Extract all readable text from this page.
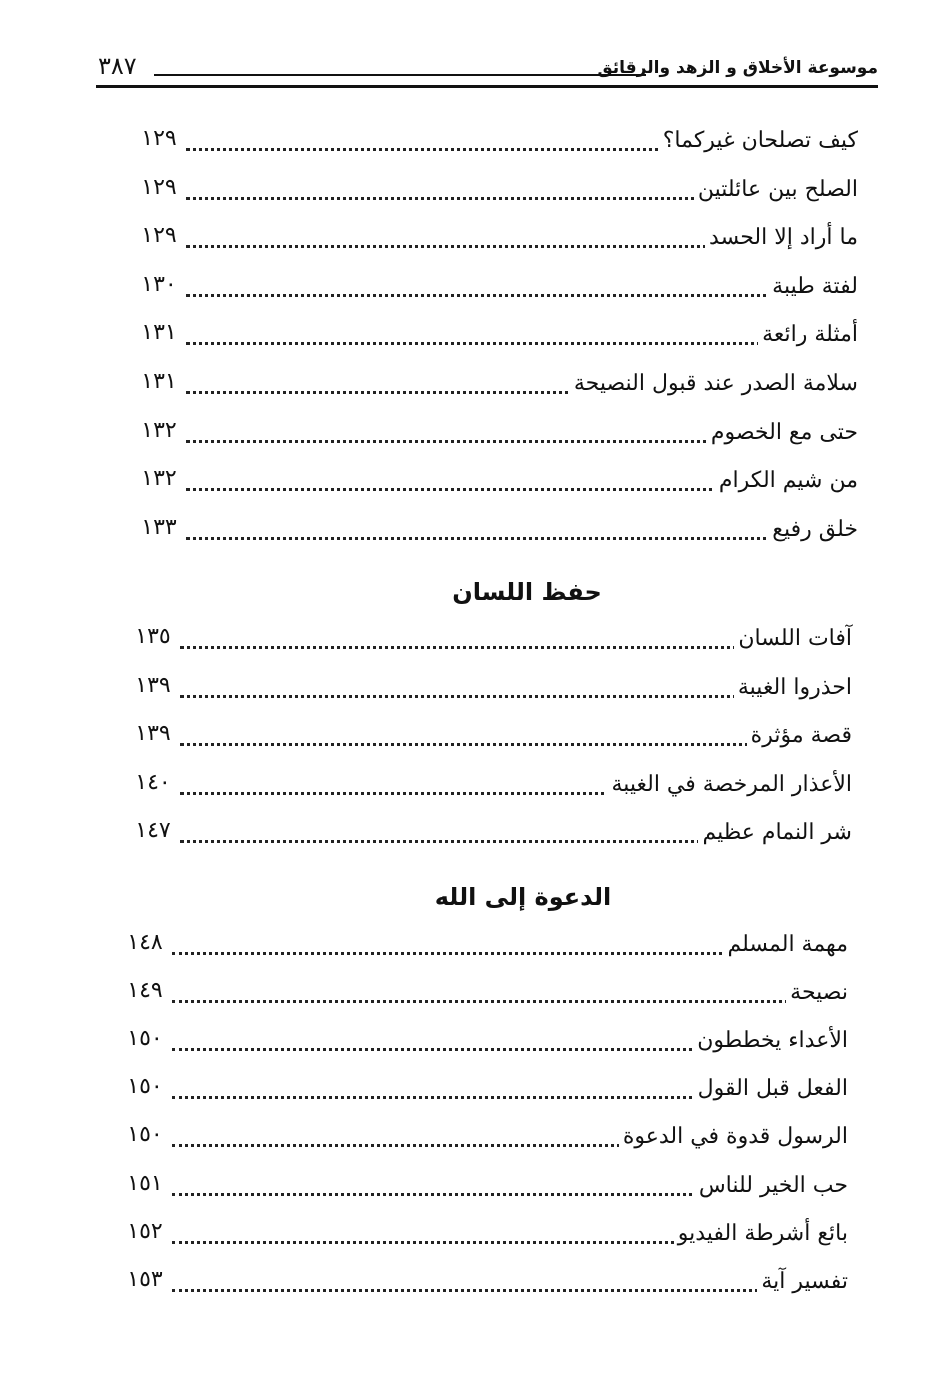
موسوعة الأخلاق و الزهد والرقائق
٣٨٧
كيف تصلحان غيركما؟
١٢٩
الصلح بين عائلتين
١٢٩
ما أراد إلا الحسد
١٢٩
لفتة طيبة
١٣٠
أمثلة رائعة
١٣١
سلامة الصدر عند قبول النصيحة
١٣١
حتى مع الخصوم
١٣٢
من شيم الكرام
١٣٢
خلق رفيع
١٣٣
حفظ اللسان
آفات اللسان
١٣٥
احذروا الغيبة
١٣٩
قصة مؤثرة
١٣٩
الأعذار المرخصة في الغيبة
١٤٠
شر النمام عظيم
١٤٧
الدعوة إلى الله
مهمة المسلم
١٤٨
نصيحة
١٤٩
الأعداء يخططون
١٥٠
الفعل قبل القول
١٥٠
الرسول قدوة في الدعوة
١٥٠
حب الخير للناس
١٥١
بائع أشرطة الفيديو
١٥٢
تفسير آية
١٥٣
